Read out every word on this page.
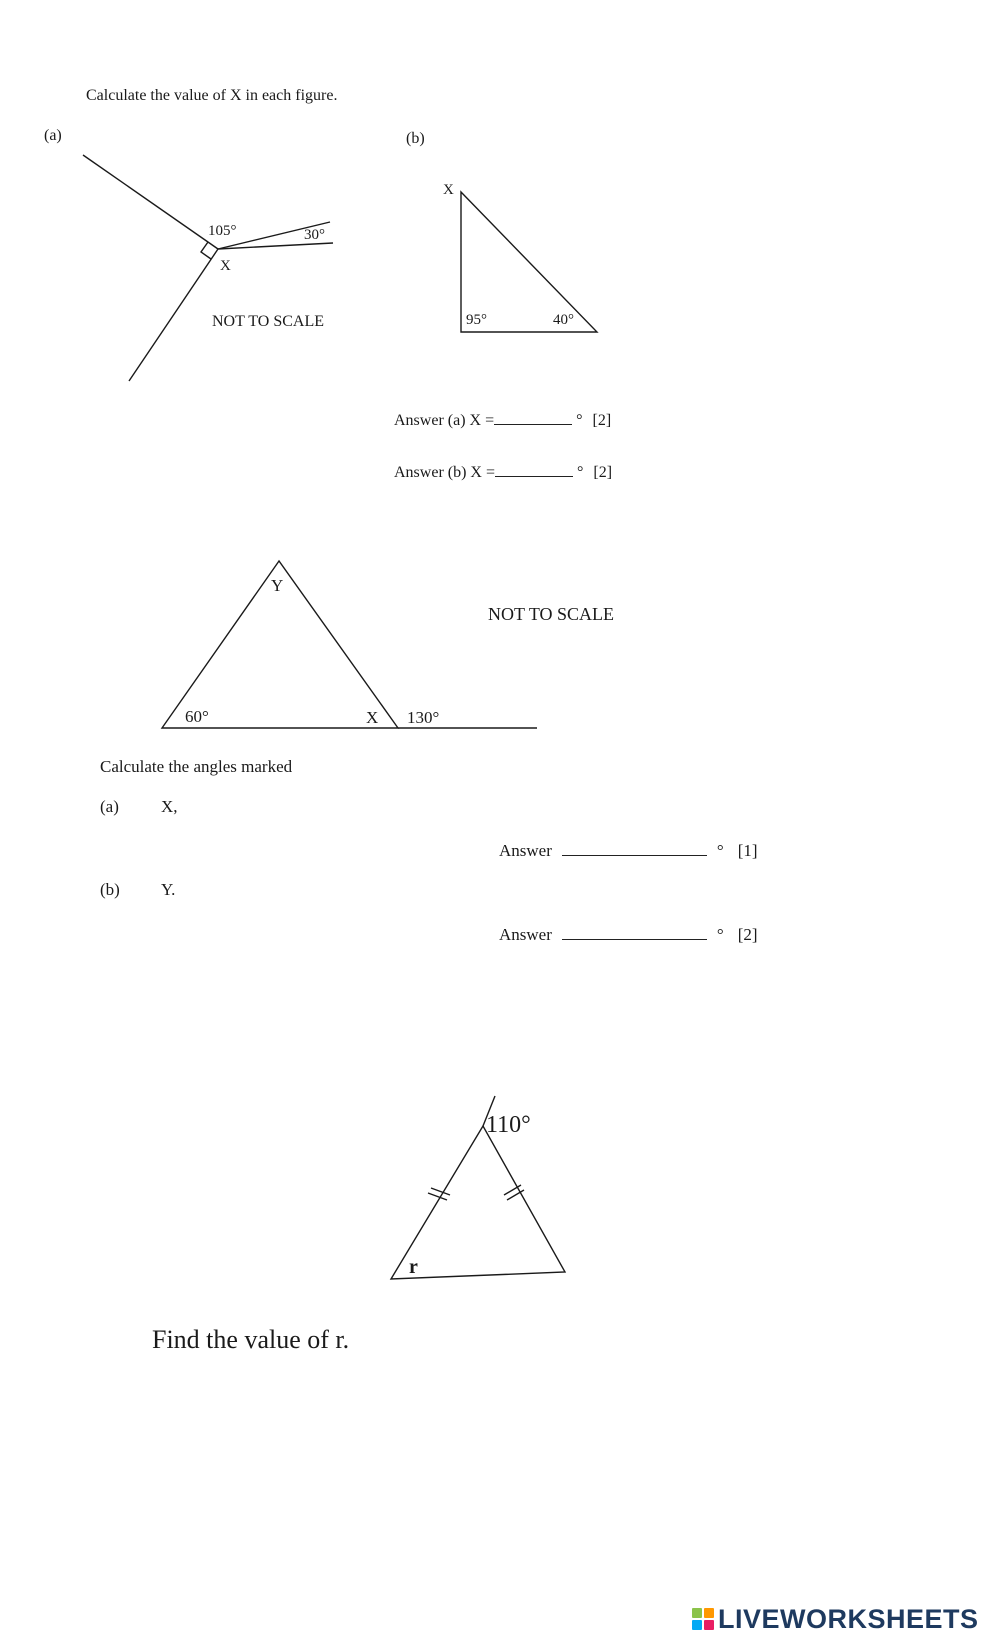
Calculate the value of X in each figure.
(a)	(b)
105°	30°
X
NOT TO SCALE
X
95°	40°
Answer (a) X =	° [2]
Answer (b) X =	° [2]
Y
60°	X 130°
NOT TO SCALE
Calculate the angles marked
(a) X,
(b) Y.
Answer	° [1]
Answer	° [2]
110°
r
Find the value of r.
LIVEWORKSHEETS
